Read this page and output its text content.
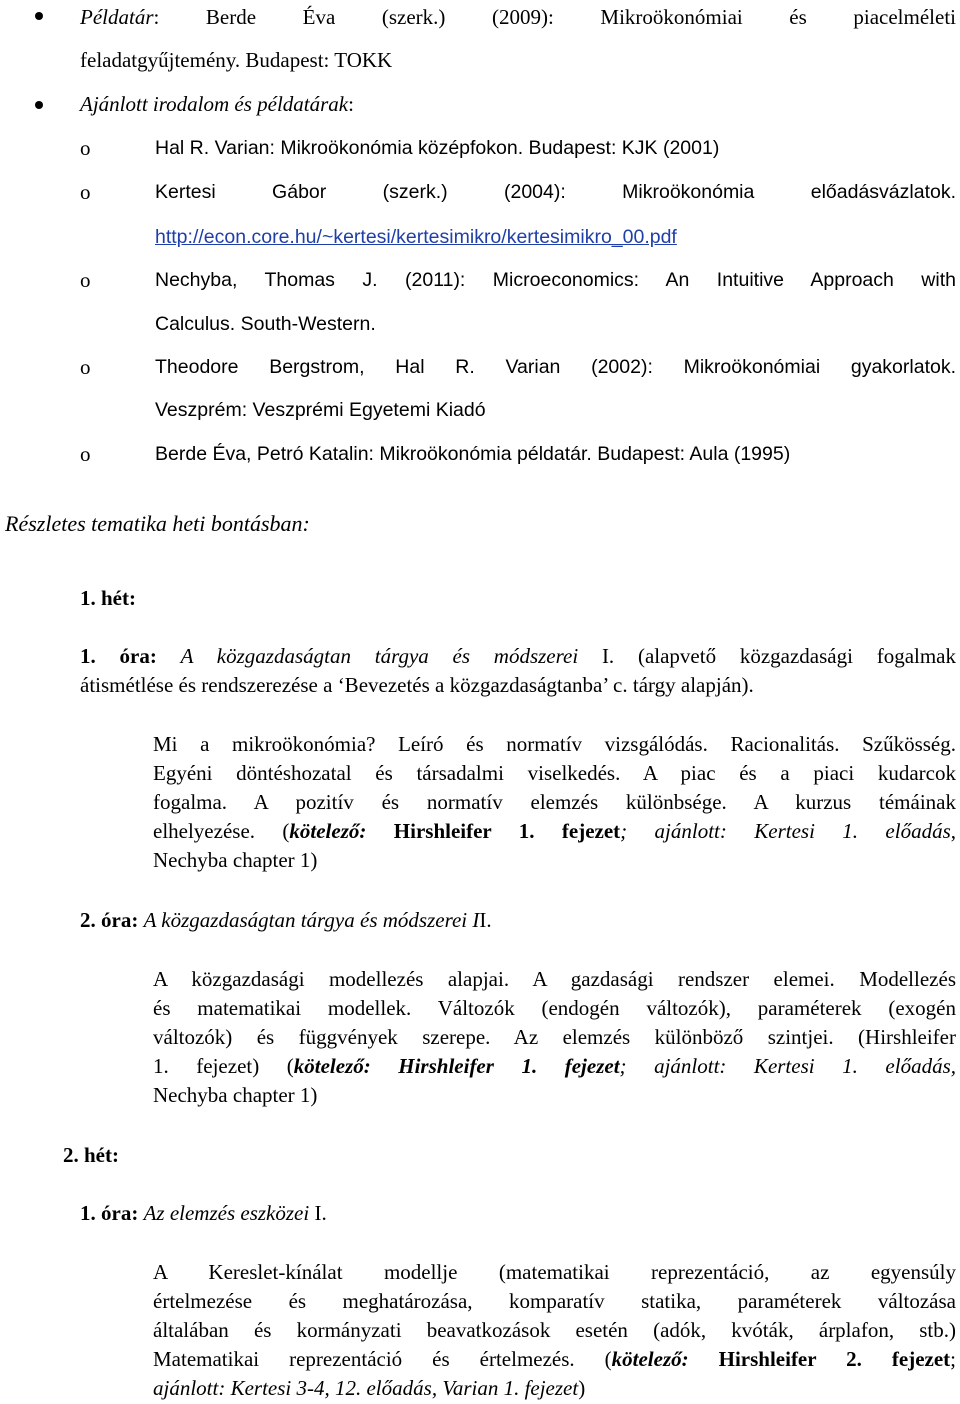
Példatár: Berde Éva (szerk.) (2009): Mikroökonómiai és piacelméleti
feladatgyűjtemény. Budapest: TOKK
Ajánlott irodalom és példatárak:
o	Hal R. Varian: Mikroökonómia középfokon. Budapest: KJK (2001)
o	Kertesi Gábor (szerk.) (2004): Mikroökonómia előadásvázlatok.
http://econ.core.hu/~kertesi/kertesimikro/kertesimikro_00.pdf
o	Nechyba, Thomas J. (2011): Microeconomics: An Intuitive Approach with
Calculus. South-Western.
o	Theodore Bergstrom, Hal R. Varian (2002): Mikroökonómiai gyakorlatok.
Veszprém: Veszprémi Egyetemi Kiadó
o	Berde Éva, Petró Katalin: Mikroökonómia példatár. Budapest: Aula (1995)
Részletes tematika heti bontásban:
1. hét:
1. óra: A közgazdaságtan tárgya és módszerei I. (alapvető közgazdasági fogalmak
átismétlése és rendszerezése a ‘Bevezetés a közgazdaságtanba’ c. tárgy alapján).
Mi a mikroökonómia? Leíró és normatív vizsgálódás. Racionalitás. Szűkösség.
Egyéni döntéshozatal és társadalmi viselkedés. A piac és a piaci kudarcok
fogalma. A pozitív és normatív elemzés különbsége. A kurzus témáinak
elhelyezése. (kötelező: Hirshleifer 1. fejezet; ajánlott: Kertesi 1. előadás,
Nechyba chapter 1)
2. óra: A közgazdaságtan tárgya és módszerei II.
A közgazdasági modellezés alapjai. A gazdasági rendszer elemei. Modellezés
és matematikai modellek. Változók (endogén változók), paraméterek (exogén
változók) és függvények szerepe. Az elemzés különböző szintjei. (Hirshleifer
1. fejezet) (kötelező: Hirshleifer 1. fejezet; ajánlott: Kertesi 1. előadás,
Nechyba chapter 1)
2. hét:
1. óra: Az elemzés eszközei I.
A Kereslet-kínálat modellje (matematikai reprezentáció, az egyensúly
értelmezése és meghatározása, komparatív statika, paraméterek változása
általában és kormányzati beavatkozások esetén (adók, kvóták, árplafon, stb.)
Matematikai reprezentáció és értelmezés. (kötelező: Hirshleifer 2. fejezet;
ajánlott: Kertesi 3-4, 12. előadás, Varian 1. fejezet)
